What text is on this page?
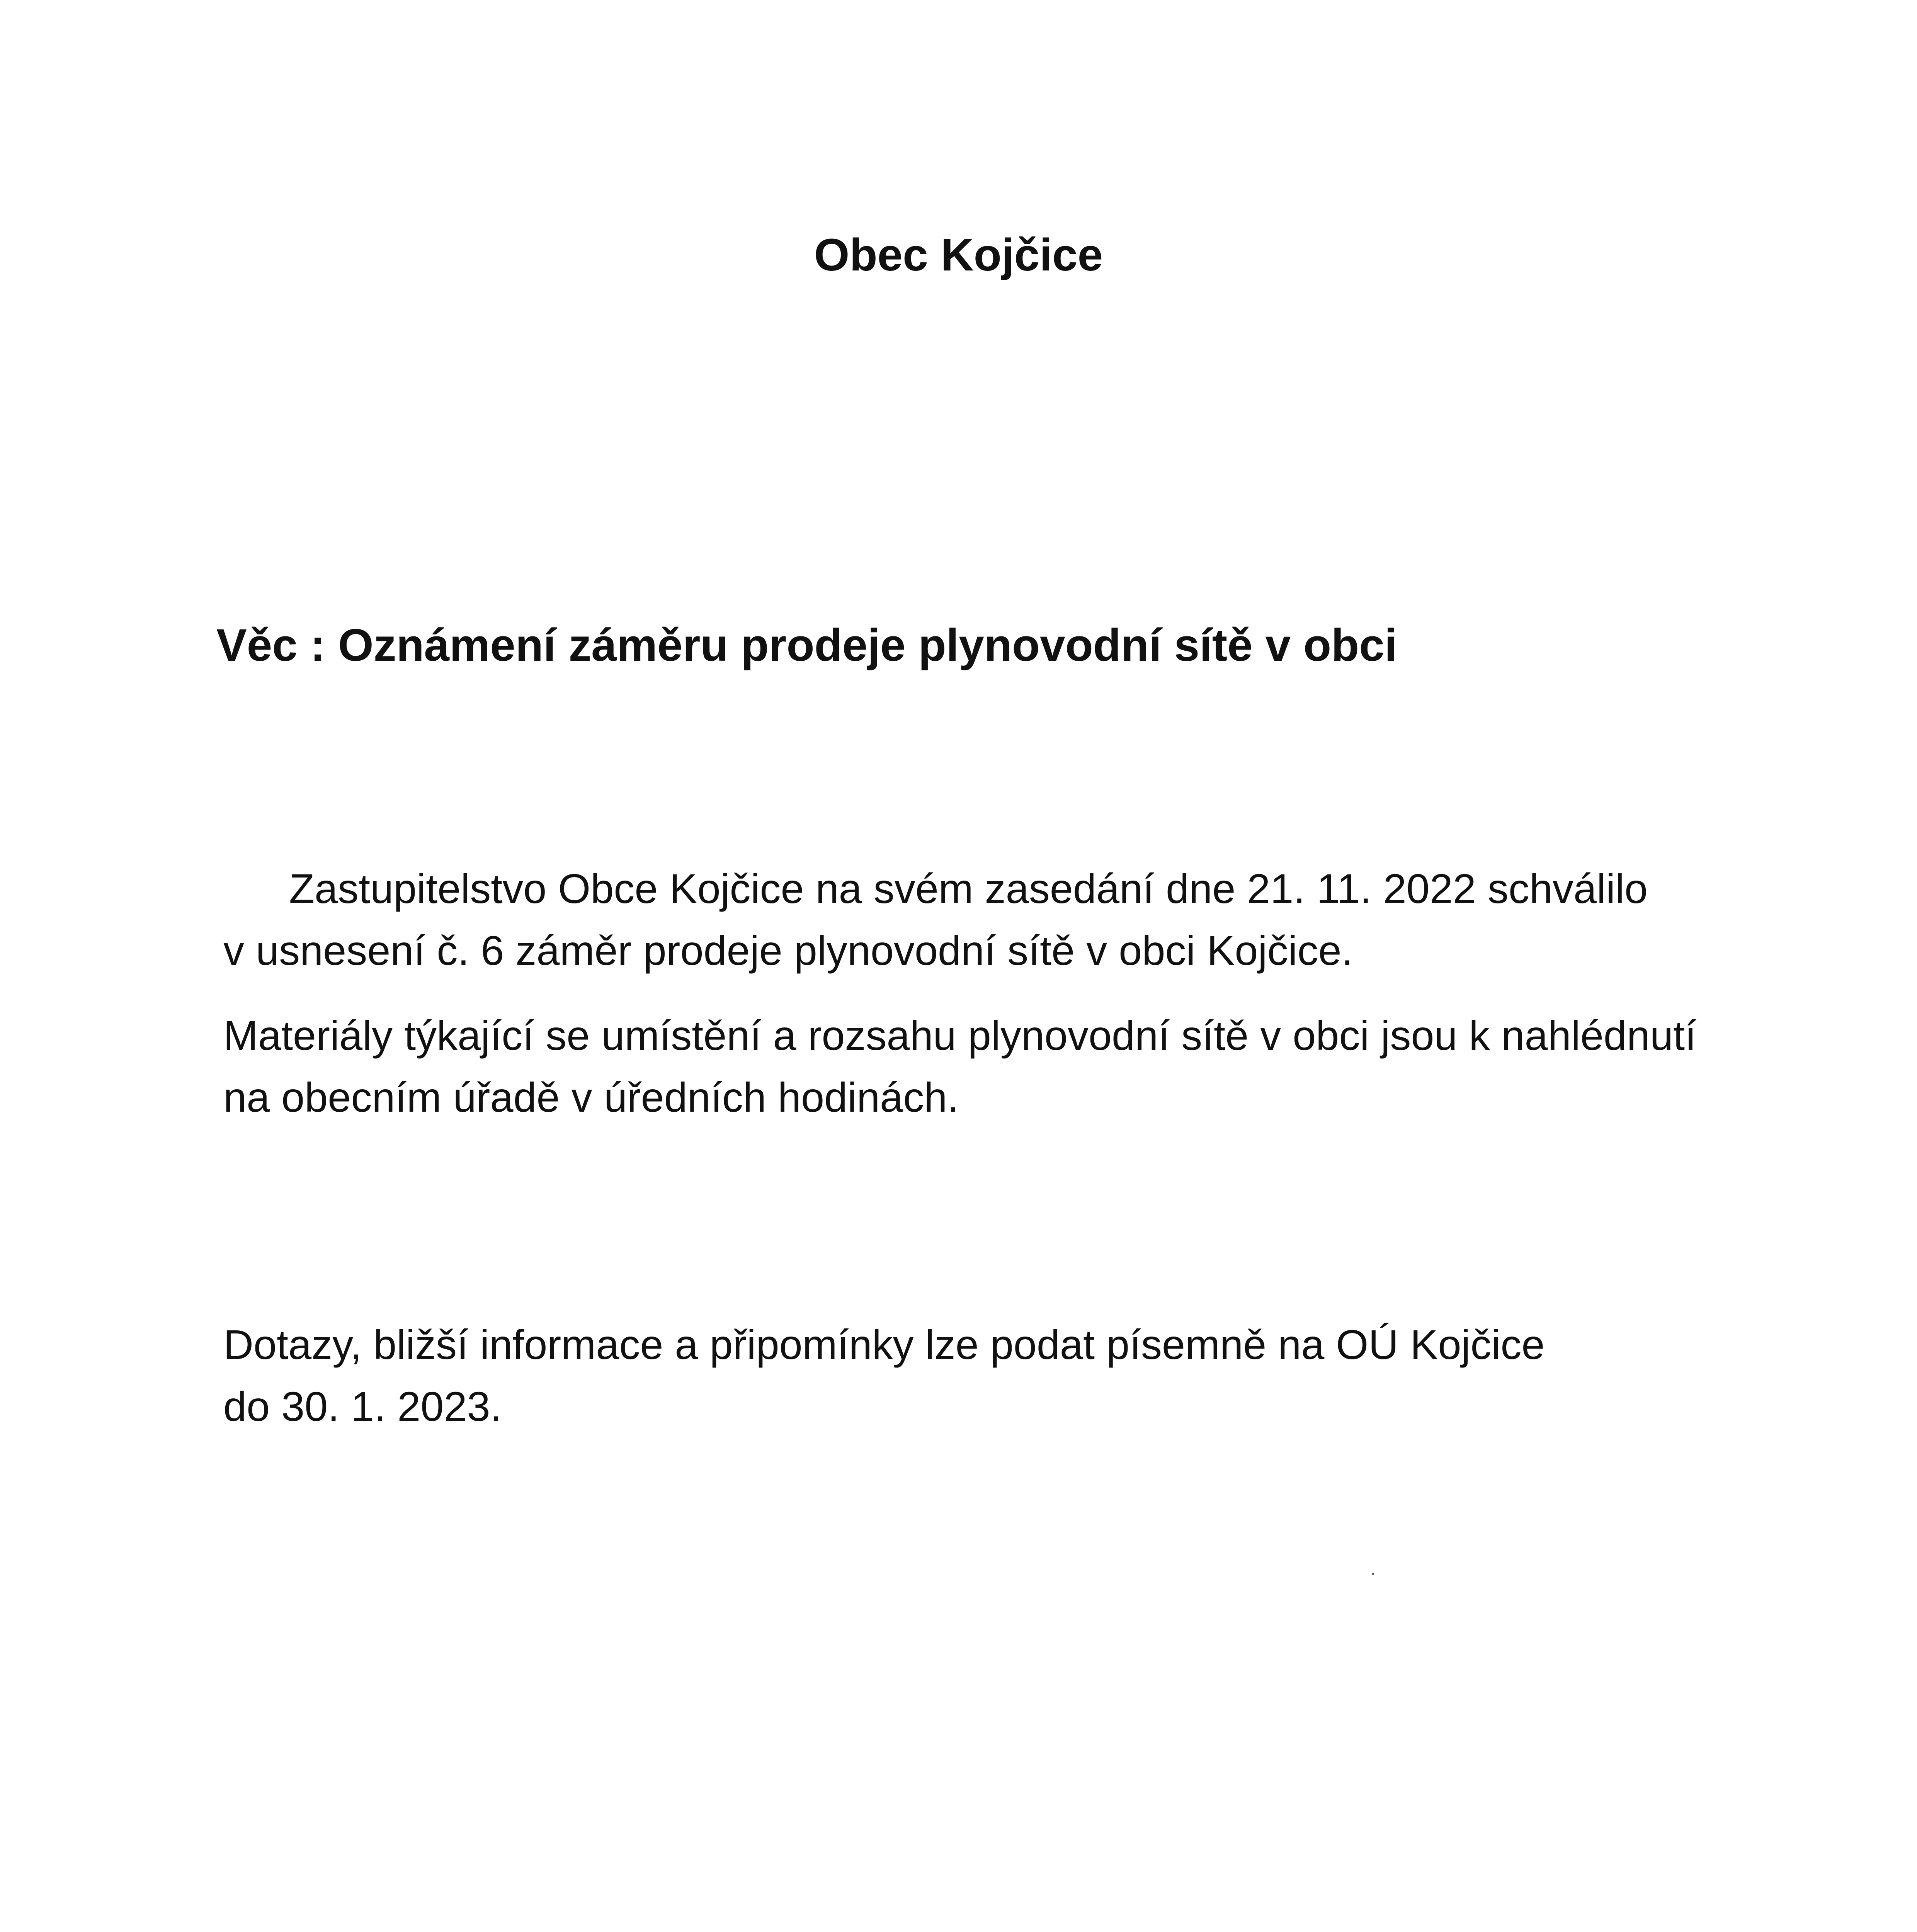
Obec Kojčice
Věc : Oznámení záměru prodeje plynovodní sítě v obci
Zastupitelstvo Obce Kojčice na svém zasedání dne 21. 11. 2022 schválilo
v usnesení č. 6 záměr prodeje plynovodní sítě v obci Kojčice.
Materiály týkající se umístění a rozsahu plynovodní sítě v obci jsou k nahlédnutí
na obecním úřadě v úředních hodinách.
Dotazy, bližší informace a připomínky lze podat písemně na OÚ Kojčice
do 30. 1. 2023.
